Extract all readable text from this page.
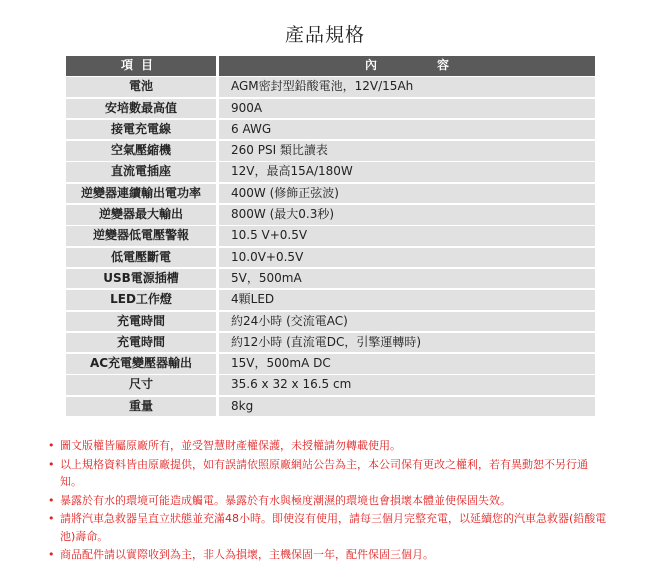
產品規格
項目	內容
電池	AGM密封型鉛酸電池，12V/15Ah
安培數最高值	900A
接電充電線	6 AWG
空氣壓縮機	260 PSI 類比讀表
直流電插座	12V，最高15A/180W
逆變器連續輸出電功率	400W (修飾正弦波)
逆變器最大輸出	800W (最大0.3秒)
逆變器低電壓警報	10.5 V+0.5V
低電壓斷電	10.0V+0.5V
USB電源插槽	5V，500mA
LED工作燈	4顆LED
充電時間	約24小時 (交流電AC)
充電時間	約12小時 (直流電DC，引擎運轉時)
AC充電變壓器輸出	15V，500mA DC
尺寸	35.6 x 32 x 16.5 cm
重量	8kg
• 圖文版權皆屬原廠所有，並受智慧財產權保護，未授權請勿轉載使用。
• 以上規格資料皆由原廠提供，如有誤請依照原廠網站公告為主，本公司保有更改之權利，若有異動恕不另行通知。
• 暴露於有水的環境可能造成觸電。暴露於有水與極度潮濕的環境也會損壞本體並使保固失效。
• 請將汽車急救器呈直立狀態並充滿48小時。即使沒有使用，請每三個月完整充電，以延續您的汽車急救器(鉛酸電池)壽命。
• 商品配件請以實際收到為主，非人為損壞，主機保固一年，配件保固三個月。
